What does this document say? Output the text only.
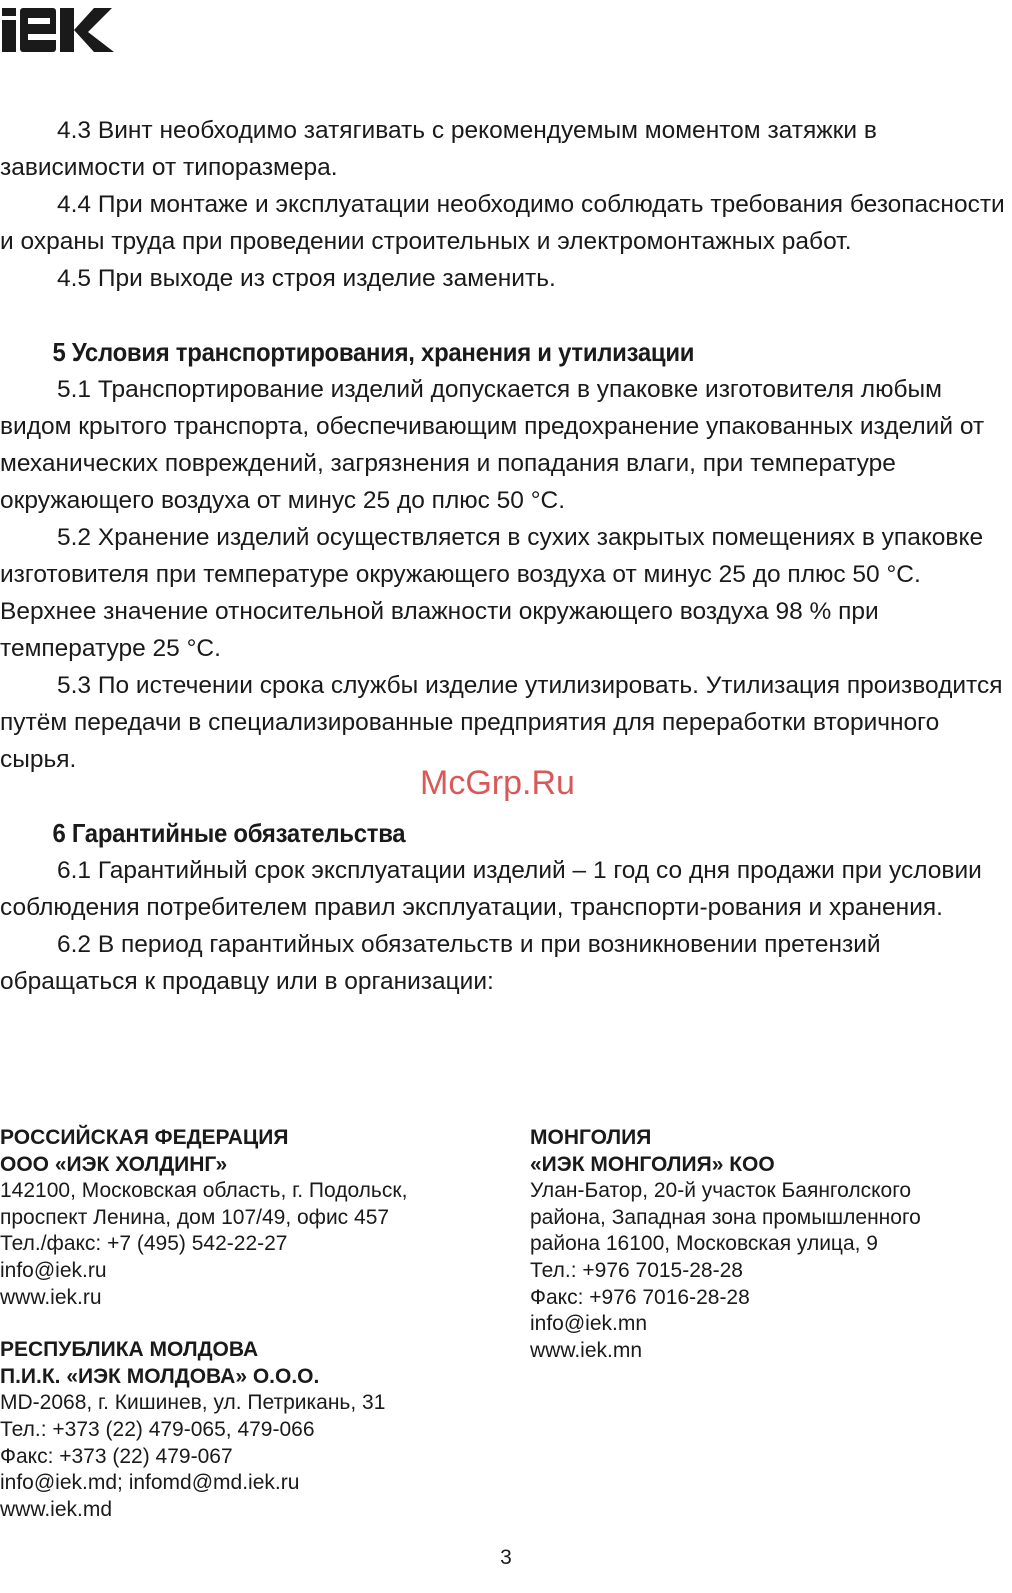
4.3 Винт необходимо затягивать с рекомендуемым моментом затяжки в зависимости от типоразмера.

4.4 При монтаже и эксплуатации необходимо соблюдать требования безопасности и охраны труда при проведении строительных и электромонтажных работ.

4.5 При выходе из строя изделие заменить.

5 Условия транспортирования, хранения и утилизации

5.1 Транспортирование изделий допускается в упаковке изготовителя любым видом крытого транспорта, обеспечивающим предохранение упакованных изделий от механических повреждений, загрязнения и попадания влаги, при температуре окружающего воздуха от минус 25 до плюс 50 °С.

5.2 Хранение изделий осуществляется в сухих закрытых помещениях в упаковке изготовителя при температуре окружающего воздуха от минус 25 до плюс 50 °С. Верхнее значение относительной влажности окружающего воздуха 98 % при температуре 25 °С.

5.3 По истечении срока службы изделие утилизировать. Утилизация производится путём передачи в специализированные предприятия для переработки вторичного сырья.

6 Гарантийные обязательства

6.1 Гарантийный срок эксплуатации изделий – 1 год со дня продажи при условии соблюдения потребителем правил эксплуатации, транспорти-рования и хранения.

6.2 В период гарантийных обязательств и при возникновении претензий обращаться к продавцу или в организации:

McGrp.Ru
РОССИЙСКАЯ ФЕДЕРАЦИЯ
ООО «ИЭК ХОЛДИНГ»
142100, Московская область, г. Подольск,
проспект Ленина, дом 107/49, офис 457
Тел./факс: +7 (495) 542-22-27
info@iek.ru
www.iek.ru
РЕСПУБЛИКА МОЛДОВА
П.И.К. «ИЭК МОЛДОВА» О.О.О.
MD-2068, г. Кишинев, ул. Петрикань, 31
Тел.: +373 (22) 479-065, 479-066
Факс: +373 (22) 479-067
info@iek.md; infomd@md.iek.ru
www.iek.md
МОНГОЛИЯ
«ИЭК МОНГОЛИЯ» КОО
Улан-Батор, 20-й участок Баянголского
района, Западная зона промышленного
района 16100, Московская улица, 9
Тел.: +976 7015-28-28
Факс: +976 7016-28-28
info@iek.mn
www.iek.mn
3
